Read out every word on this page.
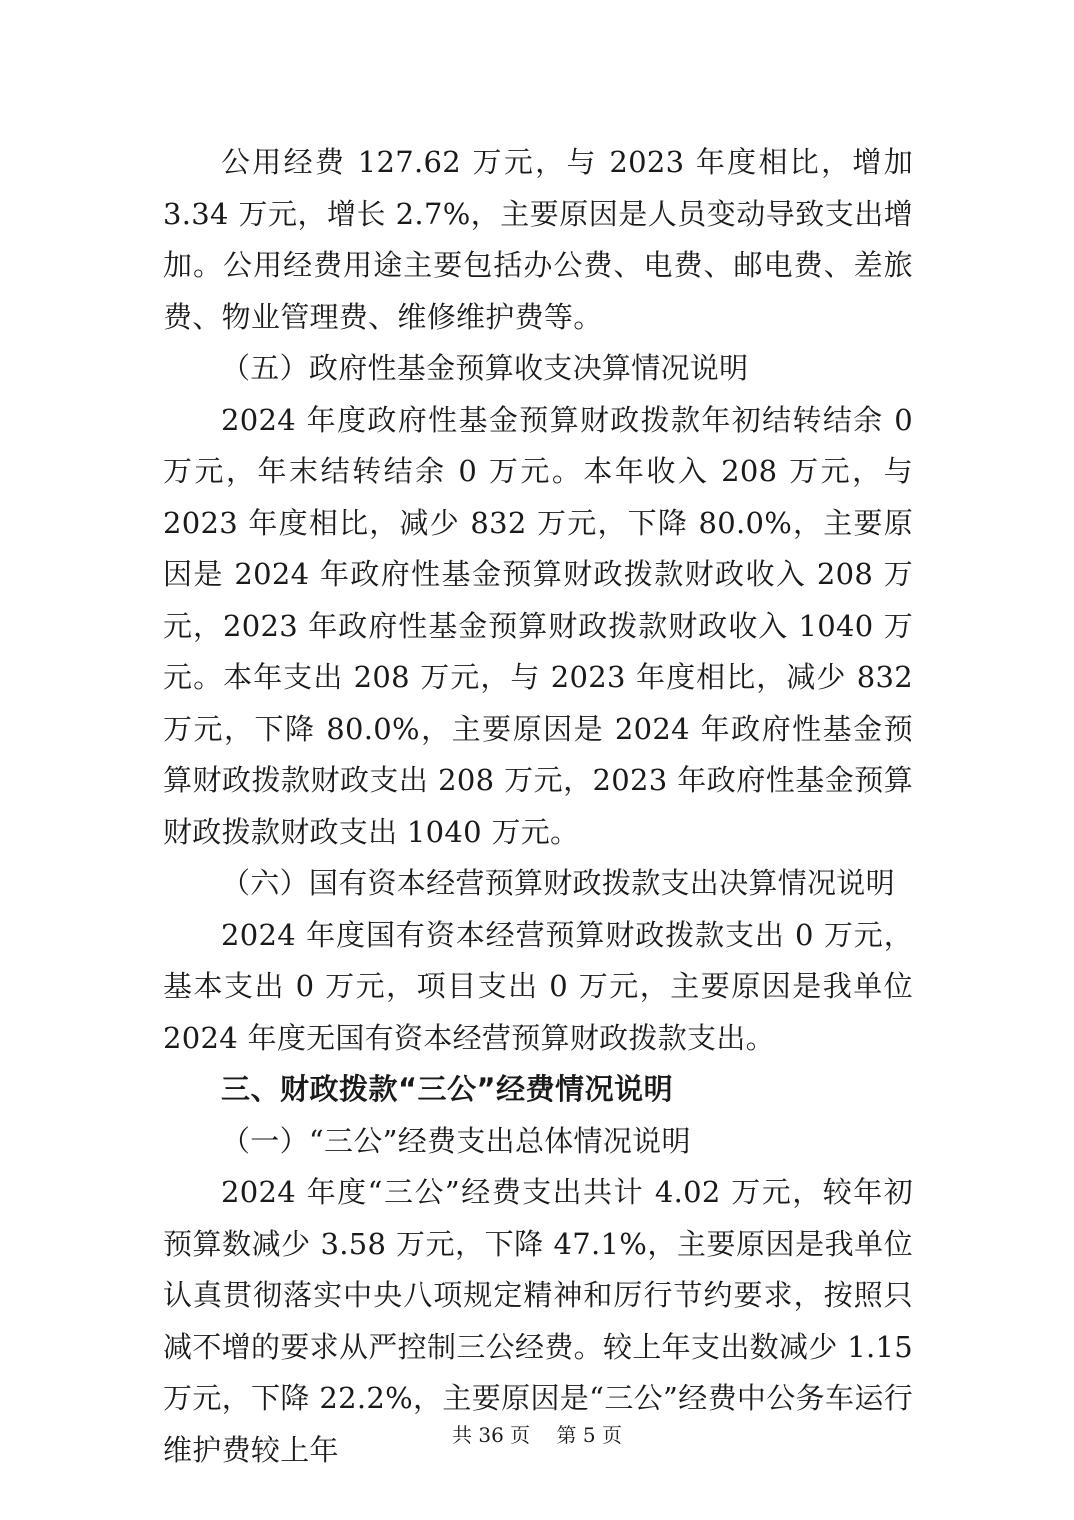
公用经费 127.62 万元，与 2023 年度相比，增加 3.34 万元，增长 2.7%，主要原因是人员变动导致支出增加。公用经费用途主要包括办公费、电费、邮电费、差旅费、物业管理费、维修维护费等。

（五）政府性基金预算收支决算情况说明

2024 年度政府性基金预算财政拨款年初结转结余 0 万元，年末结转结余 0 万元。本年收入 208 万元，与 2023 年度相比，减少 832 万元，下降 80.0%，主要原因是 2024 年政府性基金预算财政拨款财政收入 208 万元，2023 年政府性基金预算财政拨款财政收入 1040 万元。本年支出 208 万元，与 2023 年度相比，减少 832 万元，下降 80.0%，主要原因是 2024 年政府性基金预算财政拨款财政支出 208 万元，2023 年政府性基金预算财政拨款财政支出 1040 万元。

（六）国有资本经营预算财政拨款支出决算情况说明

2024 年度国有资本经营预算财政拨款支出 0 万元，基本支出 0 万元，项目支出 0 万元，主要原因是我单位 2024 年度无国有资本经营预算财政拨款支出。

三、财政拨款“三公”经费情况说明

（一）“三公”经费支出总体情况说明

2024 年度“三公”经费支出共计 4.02 万元，较年初预算数减少 3.58 万元，下降 47.1%，主要原因是我单位认真贯彻落实中央八项规定精神和厉行节约要求，按照只减不增的要求从严控制三公经费。较上年支出数减少 1.15 万元，下降 22.2%，主要原因是“三公”经费中公务车运行维护费较上年	共 36 页 第 5 页
